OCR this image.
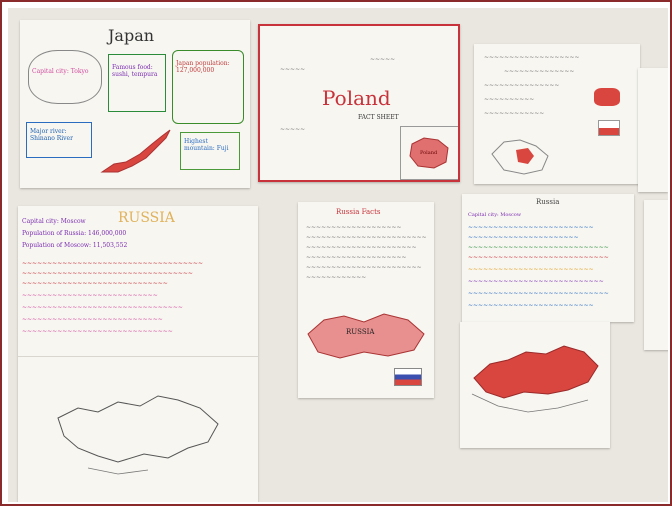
Japan
Capital city: Tokyo
Famous food: sushi, tempura
Japan population: 127,000,000
Major river: Shinano River	Highest mountain: Fuji
Poland
FACT SHEET
~~~~~
~~~~~
~~~~~
Poland
~~~~~~~~~~~~~~~~~~~
~~~~~~~~~~~~~~
~~~~~~~~~~~~~~~
~~~~~~~~~~
~~~~~~~~~~~~
RUSSIA
Capital city: Moscow
Population of Russia: 146,000,000
Population of Moscow: 11,503,552
~~~~~~~~~~~~~~~~~~~~~~~~~~~~~~~~~~~~
~~~~~~~~~~~~~~~~~~~~~~~~~~~~~~~~~~
~~~~~~~~~~~~~~~~~~~~~~~~~~~~~
~~~~~~~~~~~~~~~~~~~~~~~~~~~
~~~~~~~~~~~~~~~~~~~~~~~~~~~~~~~~
~~~~~~~~~~~~~~~~~~~~~~~~~~~~
~~~~~~~~~~~~~~~~~~~~~~~~~~~~~~
Russia Facts
~~~~~~~~~~~~~~~~~~~
~~~~~~~~~~~~~~~~~~~~~~~~
~~~~~~~~~~~~~~~~~~~~~~
~~~~~~~~~~~~~~~~~~~~
~~~~~~~~~~~~~~~~~~~~~~~
~~~~~~~~~~~~
RUSSIA
Russia
Capital city: Moscow
~~~~~~~~~~~~~~~~~~~~~~~~~
~~~~~~~~~~~~~~~~~~~~~~
~~~~~~~~~~~~~~~~~~~~~~~~~~~~
~~~~~~~~~~~~~~~~~~~~~~~~~~~~
~~~~~~~~~~~~~~~~~~~~~~~~~
~~~~~~~~~~~~~~~~~~~~~~~~~~~
~~~~~~~~~~~~~~~~~~~~~~~~~~~~
~~~~~~~~~~~~~~~~~~~~~~~~~
